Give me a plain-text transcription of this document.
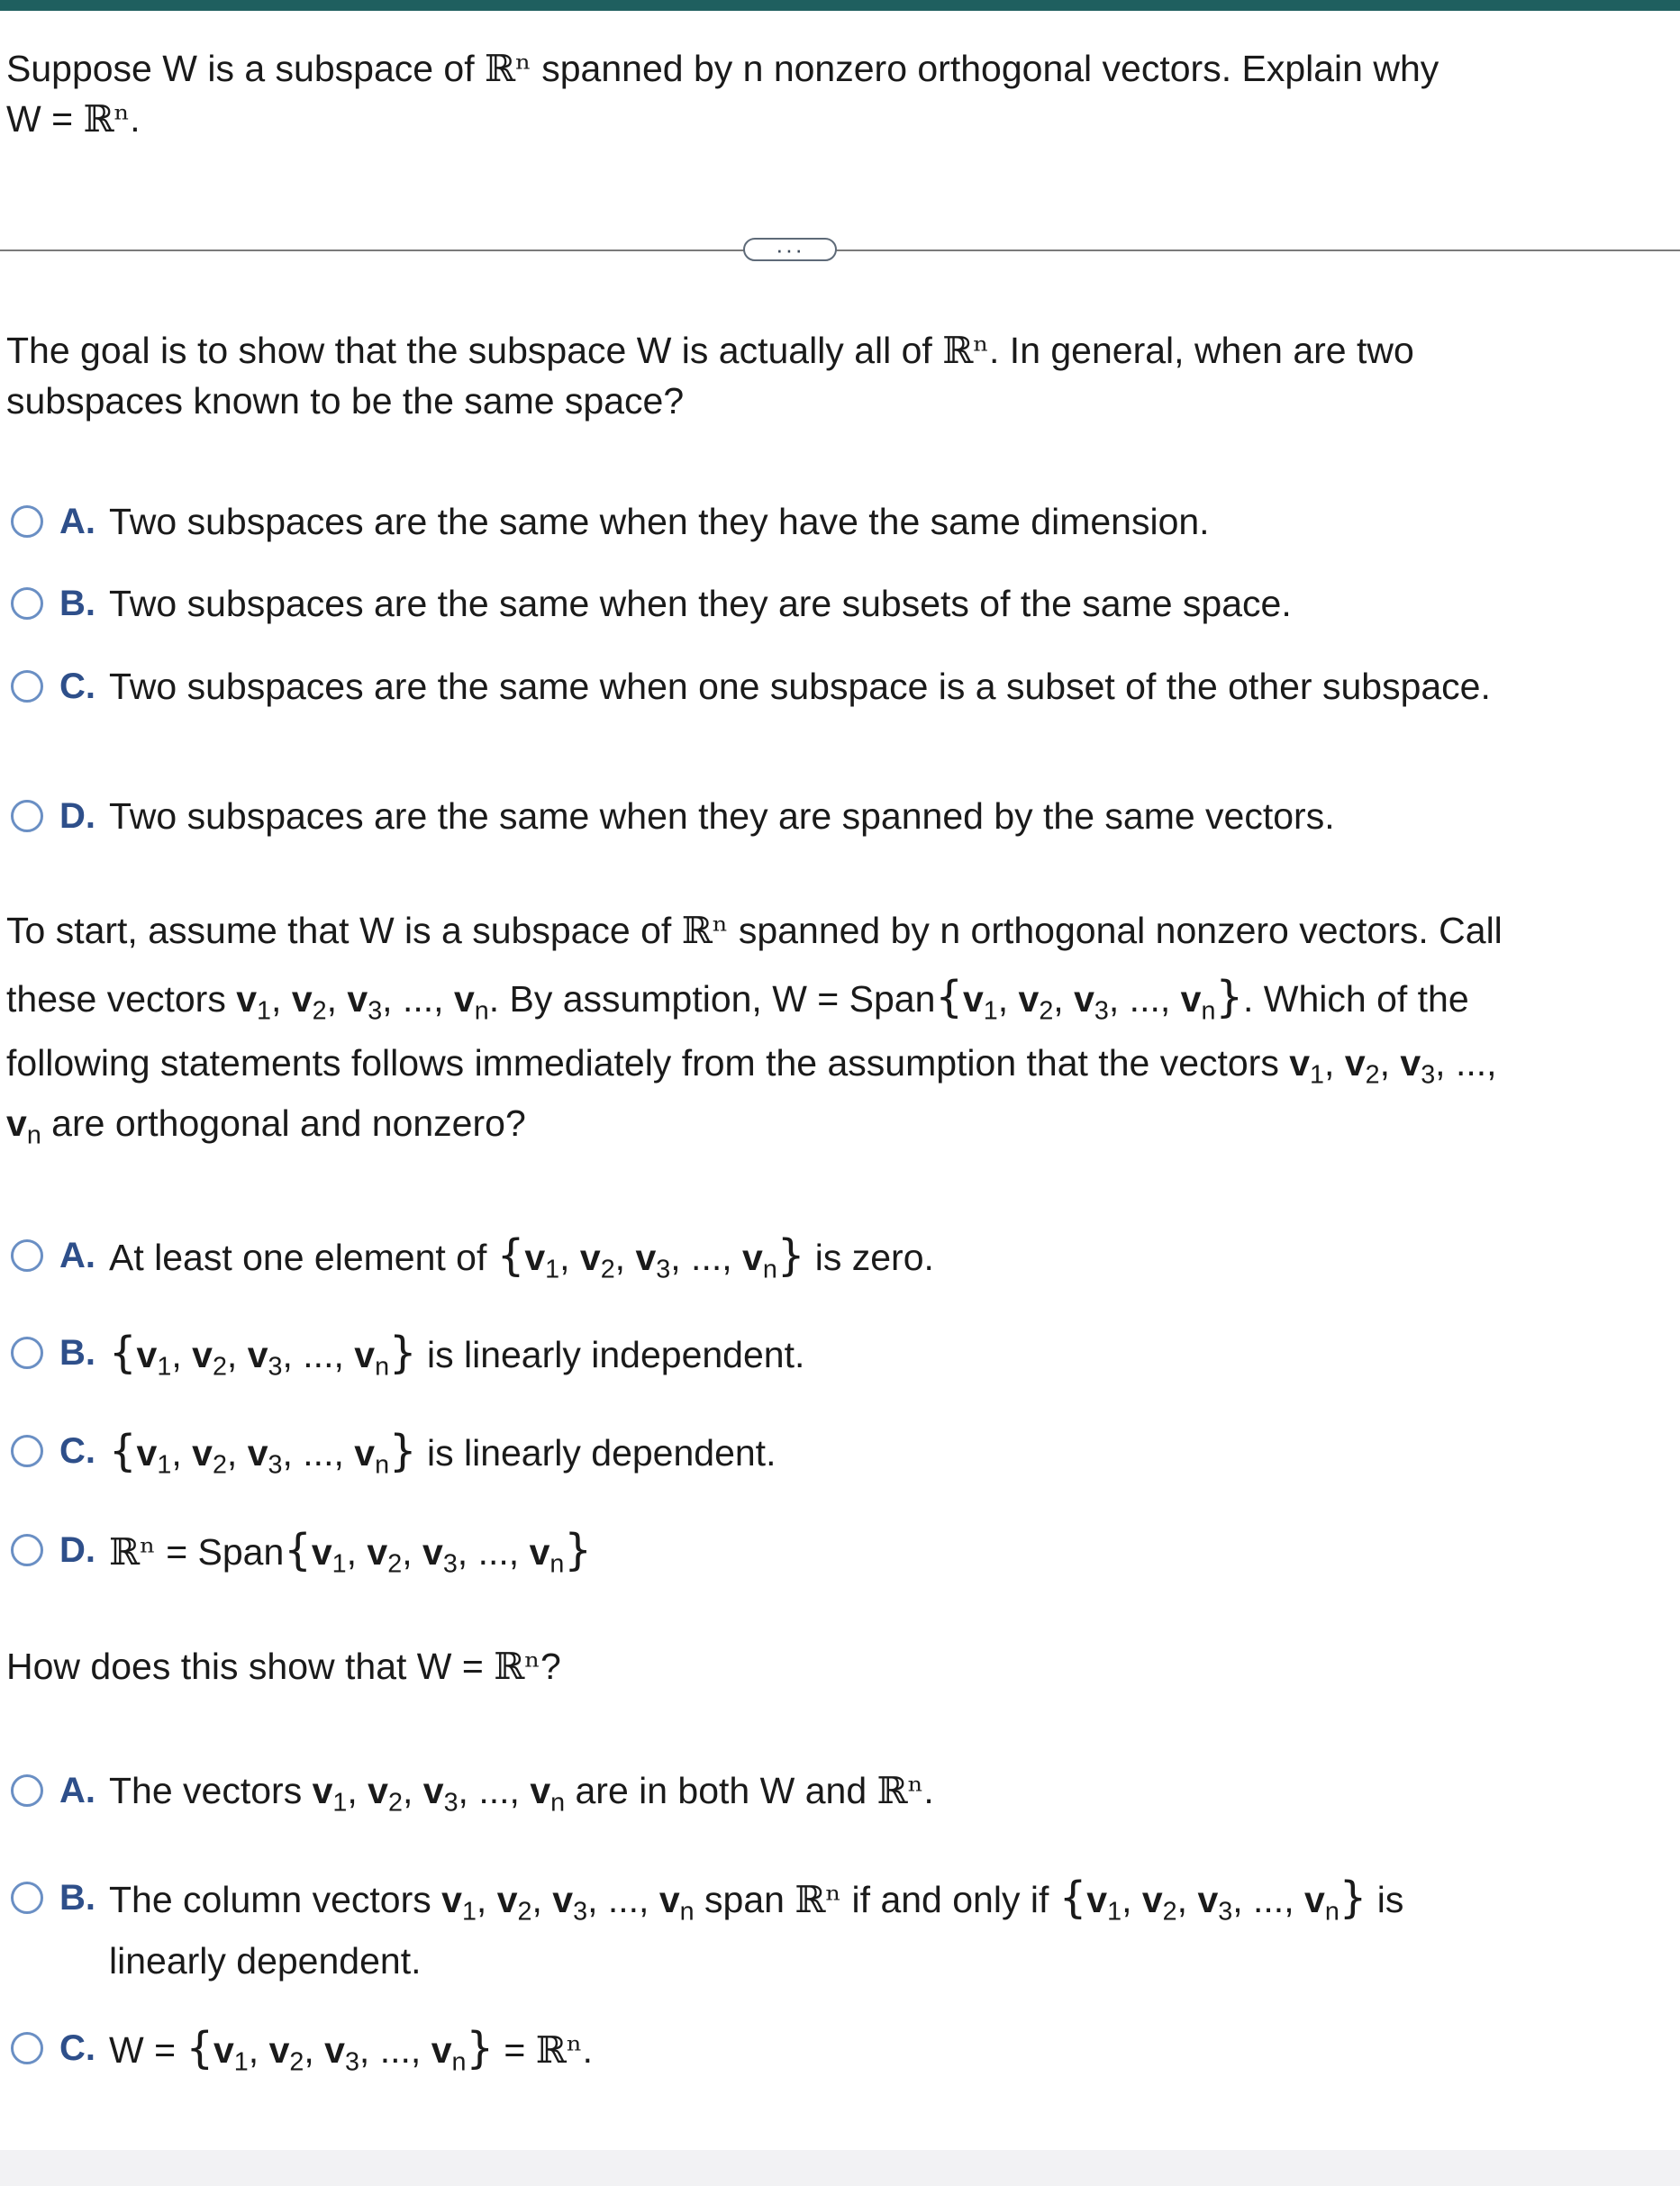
Suppose W is a subspace of ℝⁿ spanned by n nonzero orthogonal vectors. Explain why
W = ℝⁿ.

···

The goal is to show that the subspace W is actually all of ℝⁿ. In general, when are two
subspaces known to be the same space?

A. Two subspaces are the same when they have the same dimension.
B. Two subspaces are the same when they are subsets of the same space.
C. Two subspaces are the same when one subspace is a subset of the other subspace.
D. Two subspaces are the same when they are spanned by the same vectors.

To start, assume that W is a subspace of ℝⁿ spanned by n orthogonal nonzero vectors. Call
these vectors $v_1$, $v_2$, $v_3$, ..., $v_n$. By assumption, $W = Span\{v_1$, $v_2$, $v_3$, ..., $v_n$}. Which of the
following statements follows immediately from the assumption that the vectors $v_1$, $v_2$, $v_3$, ...,
$v_n$ are orthogonal and nonzero?

A. At least one element of {$v_1$, $v_2$, $v_3$, ..., $v_n$} is zero.
B. {$v_1$, $v_2$, $v_3$, ..., $v_n$} is linearly independent.
C. {$v_1$, $v_2$, $v_3$, ..., $v_n$} is linearly dependent.
D. ℝⁿ = $Span\{v_1$, $v_2$, $v_3$, ..., $v_n$}

How does this show that W = ℝⁿ?

A. The vectors $v_1$, $v_2$, $v_3$, ..., $v_n$ are in both W and ℝⁿ.
B. The column vectors $v_1$, $v_2$, $v_3$, ..., $v_n$ span ℝⁿ if and only if {$v_1$, $v_2$, $v_3$, ..., $v_n$} is
linearly dependent.
C. $W = \{v_1$, $v_2$, $v_3$, ..., $v_n$} = ℝⁿ.
